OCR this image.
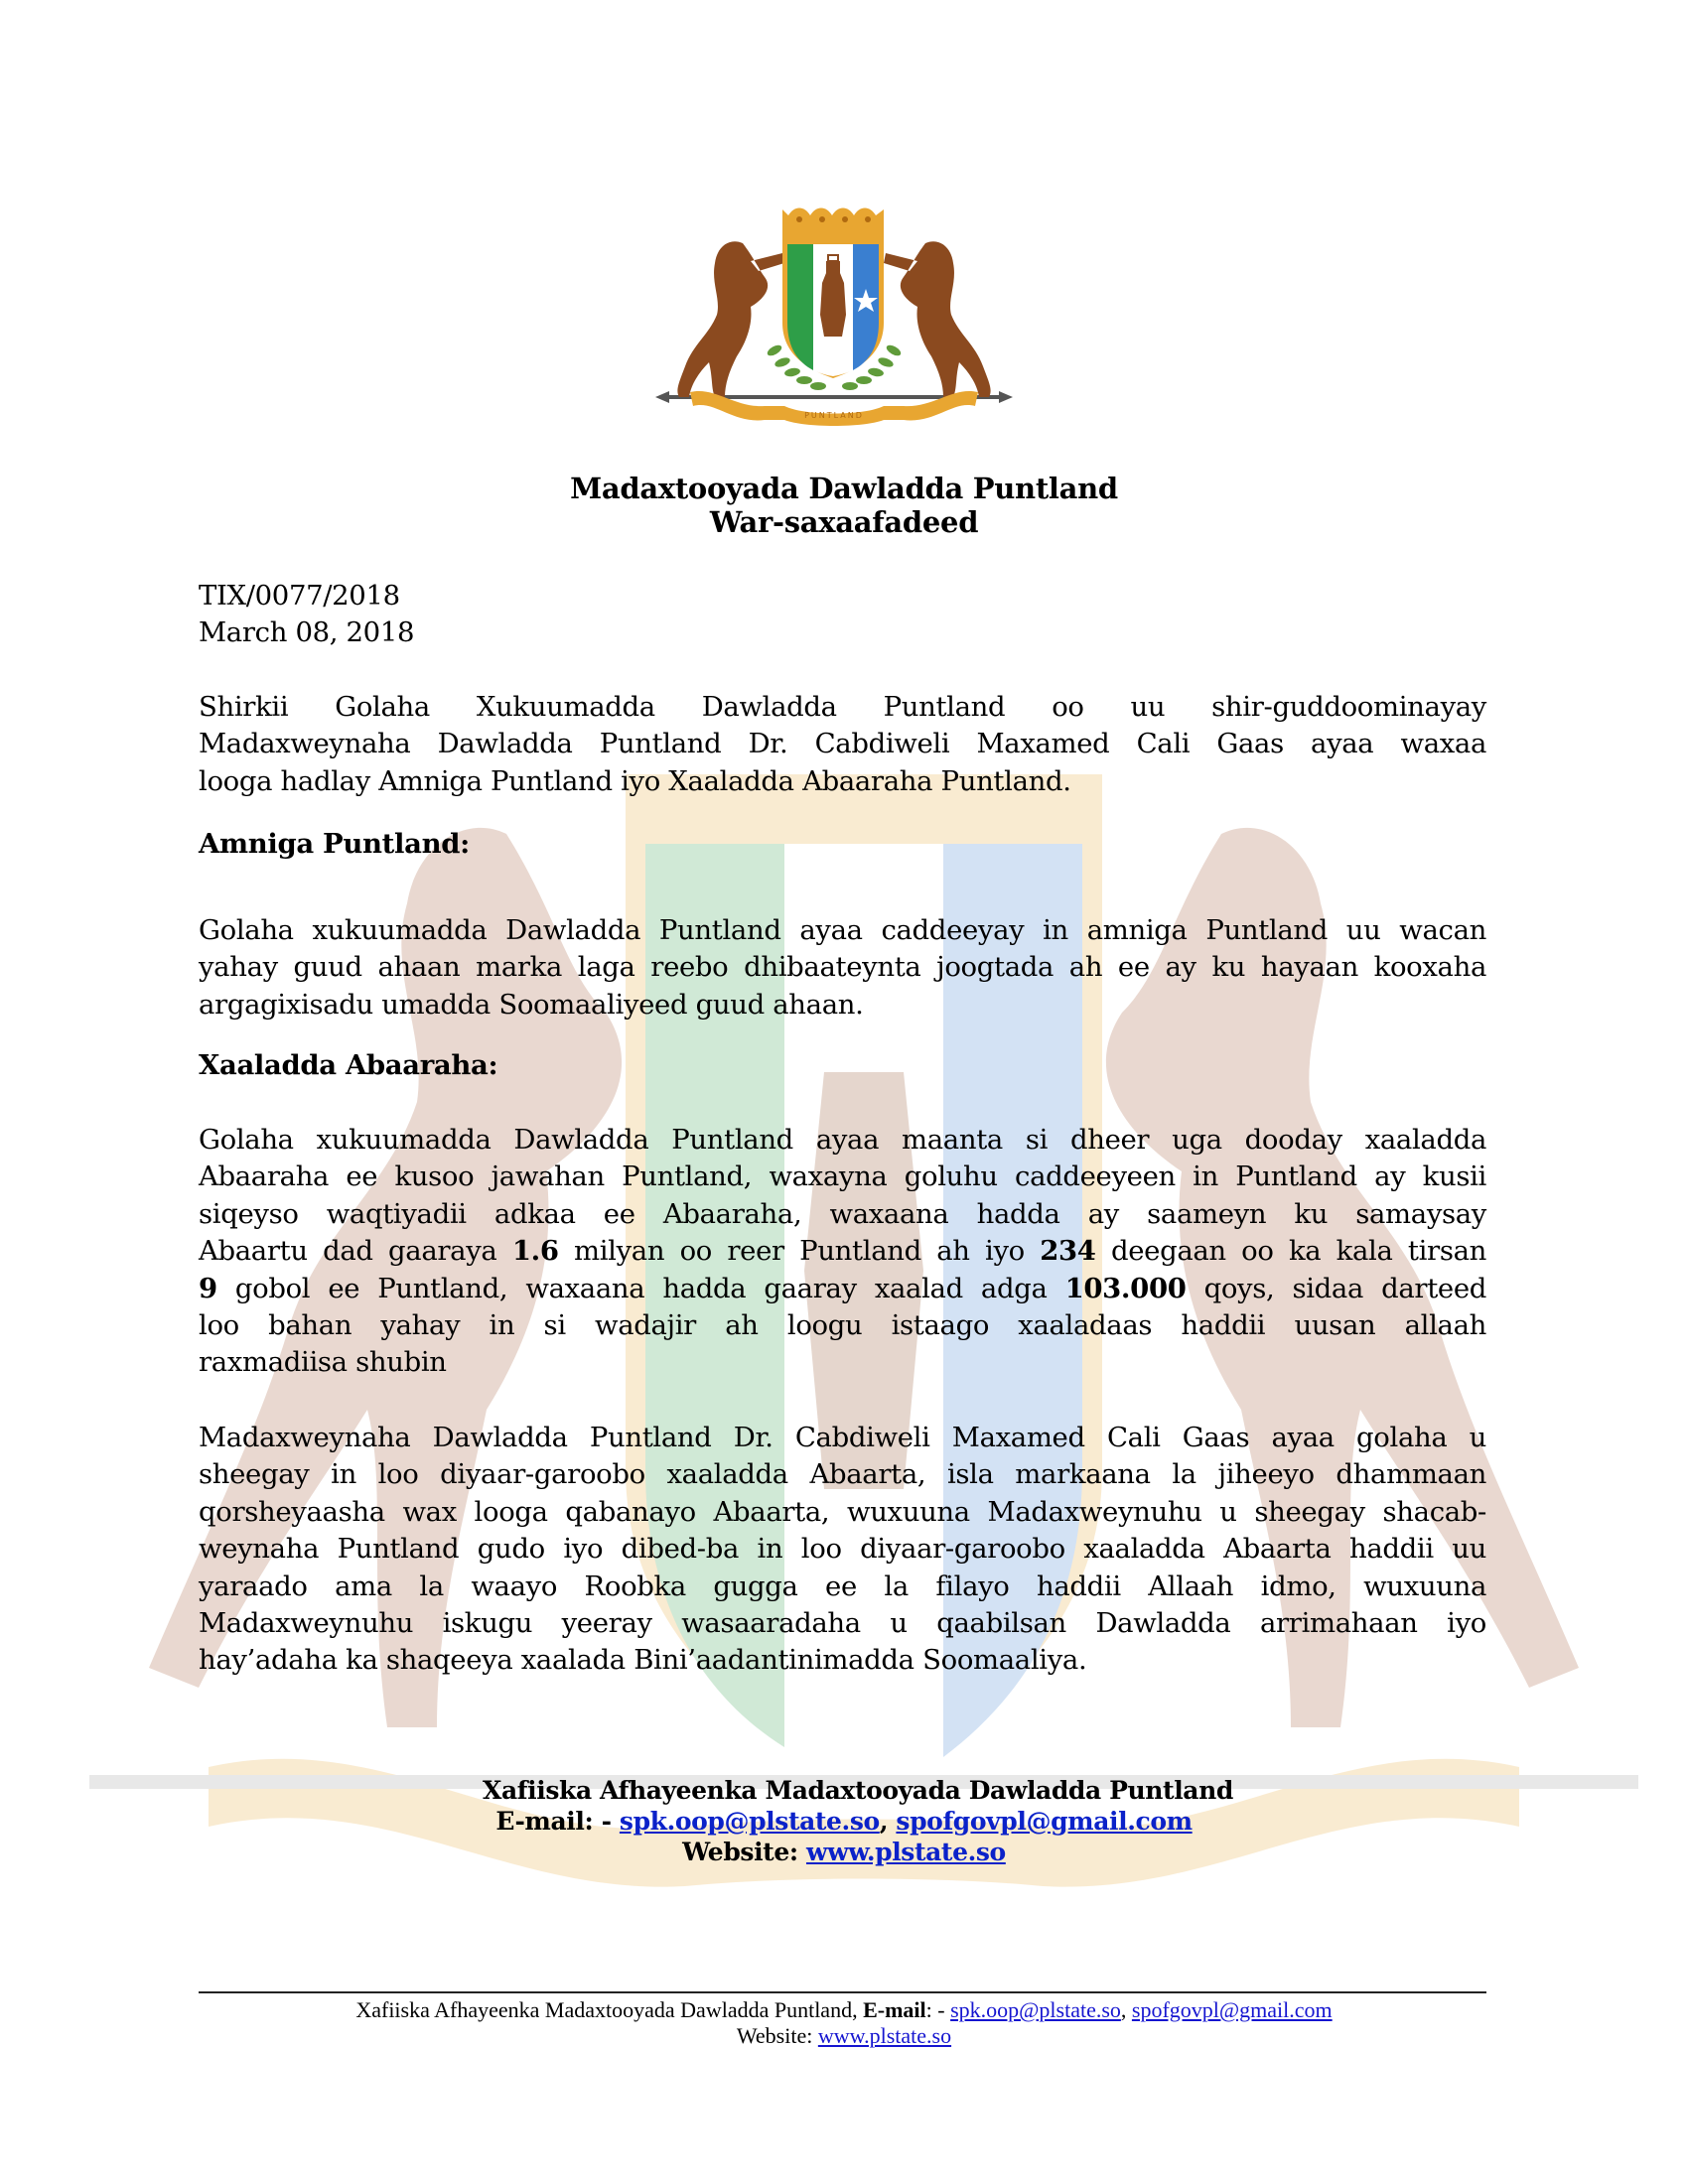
PUNTLAND
Madaxtooyada Dawladda Puntland
War-saxaafadeed
TIX/0077/2018
March 08, 2018
Shirkii Golaha Xukuumadda Dawladda Puntland oo uu shir-guddoominayay
Madaxweynaha Dawladda Puntland Dr. Cabdiweli Maxamed Cali Gaas ayaa waxaa
looga hadlay Amniga Puntland iyo Xaaladda Abaaraha Puntland.
Amniga Puntland:
Golaha xukuumadda Dawladda Puntland ayaa caddeeyay in amniga Puntland uu wacan
yahay guud ahaan marka laga reebo dhibaateynta joogtada ah ee ay ku hayaan kooxaha
argagixisadu umadda Soomaaliyeed guud ahaan.
Xaaladda Abaaraha:
Golaha xukuumadda Dawladda Puntland ayaa maanta si dheer uga dooday xaaladda
Abaaraha ee kusoo jawahan Puntland, waxayna goluhu caddeeyeen in Puntland ay kusii
siqeyso waqtiyadii adkaa ee Abaaraha, waxaana hadda ay saameyn ku samaysay
Abaartu dad gaaraya 1.6 milyan oo reer Puntland ah iyo 234 deegaan oo ka kala tirsan
9 gobol ee Puntland, waxaana hadda gaaray xaalad adga 103.000 qoys, sidaa darteed
loo bahan yahay in si wadajir ah loogu istaago xaaladaas haddii uusan allaah
raxmadiisa shubin
Madaxweynaha Dawladda Puntland Dr. Cabdiweli Maxamed Cali Gaas ayaa golaha u
sheegay in loo diyaar-garoobo xaaladda Abaarta, isla markaana la jiheeyo dhammaan
qorsheyaasha wax looga qabanayo Abaarta, wuxuuna Madaxweynuhu u sheegay shacab-
weynaha Puntland gudo iyo dibed-ba in loo diyaar-garoobo xaaladda Abaarta haddii uu
yaraado ama la waayo Roobka gugga ee la filayo haddii Allaah idmo, wuxuuna
Madaxweynuhu iskugu yeeray wasaaradaha u qaabilsan Dawladda arrimahaan iyo
hay’adaha ka shaqeeya xaalada Bini’aadantinimadda Soomaaliya.
Xafiiska Afhayeenka Madaxtooyada Dawladda Puntland
E-mail: - spk.oop@plstate.so, spofgovpl@gmail.com
Website: www.plstate.so
Xafiiska Afhayeenka Madaxtooyada Dawladda Puntland, E-mail: - spk.oop@plstate.so, spofgovpl@gmail.com
Website: www.plstate.so
